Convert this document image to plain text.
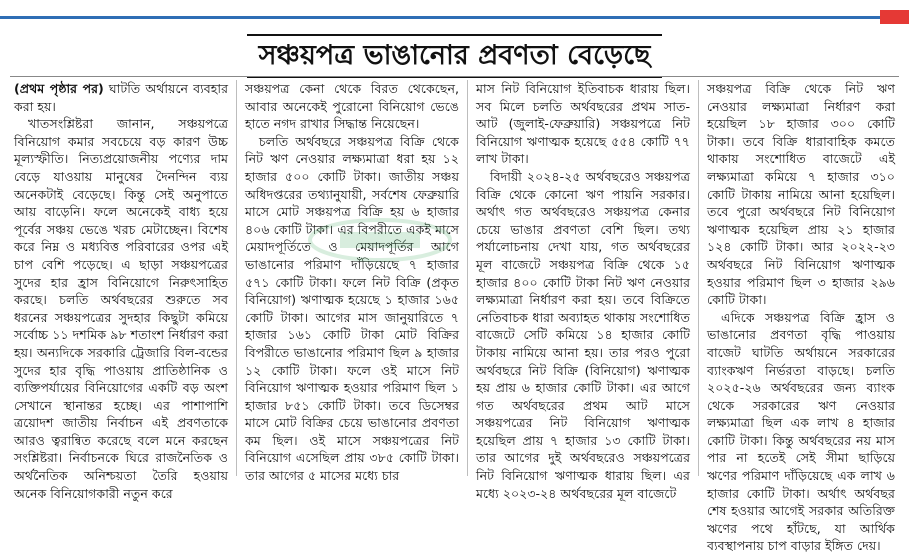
সঞ্চয়পত্র ভাঙানোর প্রবণতা বেড়েছে

(প্রথম পৃষ্ঠার পর) ঘাটতি অর্থায়নে ব্যবহার করা হয়।

খাতসংশ্লিষ্টরা জানান, সঞ্চয়পত্রে বিনিয়োগ কমার সবচেয়ে বড় কারণ উচ্চ মূল্যস্ফীতি। নিত্যপ্রয়োজনীয় পণ্যের দাম বেড়ে যাওয়ায় মানুষের দৈনন্দিন ব্যয় অনেকটাই বেড়েছে। কিন্তু সেই অনুপাতে আয় বাড়েনি। ফলে অনেকেই বাধ্য হয়ে পূর্বের সঞ্চয় ভেঙে খরচ মেটাচ্ছেন। বিশেষ করে নিম্ন ও মধ্যবিত্ত পরিবারের ওপর এই চাপ বেশি পড়েছে। এ ছাড়া সঞ্চয়পত্রের সুদের হার হ্রাস বিনিয়োগে নিরুৎসাহিত করছে। চলতি অর্থবছরের শুরুতে সব ধরনের সঞ্চয়পত্রের সুদহার কিছুটা কমিয়ে সর্বোচ্চ ১১ দশমিক ৯৮ শতাংশ নির্ধারণ করা হয়। অন্যদিকে সরকারি ট্রেজারি বিল-বন্ডের সুদের হার বৃদ্ধি পাওয়ায় প্রাতিষ্ঠানিক ও ব্যক্তিপর্যায়ের বিনিয়োগের একটি বড় অংশ সেখানে স্থানান্তর হচ্ছে। এর পাশাপাশি ত্রয়োদশ জাতীয় নির্বাচন এই প্রবণতাকে আরও ত্বরান্বিত করেছে বলে মনে করছেন সংশ্লিষ্টরা। নির্বাচনকে ঘিরে রাজনৈতিক ও অর্থনৈতিক অনিশ্চয়তা তৈরি হওয়ায় অনেক বিনিয়োগকারী নতুন করে

সঞ্চয়পত্র কেনা থেকে বিরত থেকেছেন, আবার অনেকেই পুরোনো বিনিয়োগ ভেঙে হাতে নগদ রাখার সিদ্ধান্ত নিয়েছেন।

চলতি অর্থবছরে সঞ্চয়পত্র বিক্রি থেকে নিট ঋণ নেওয়ার লক্ষ্যমাত্রা ধরা হয় ১২ হাজার ৫০০ কোটি টাকা। জাতীয় সঞ্চয় অধিদপ্তরের তথ্যানুযায়ী, সর্বশেষ ফেব্রুয়ারি মাসে মোট সঞ্চয়পত্র বিক্রি হয় ৬ হাজার ৪০৬ কোটি টাকা। এর বিপরীতে একই মাসে মেয়াদপূর্তিতে ও মেয়াদপূর্তির আগে ভাঙানোর পরিমাণ দাঁড়িয়েছে ৭ হাজার ৫৭১ কোটি টাকা। ফলে নিট বিক্রি (প্রকৃত বিনিয়োগ) ঋণাত্মক হয়েছে ১ হাজার ১৬৫ কোটি টাকা। আগের মাস জানুয়ারিতে ৭ হাজার ১৬১ কোটি টাকা মোট বিক্রির বিপরীতে ভাঙানোর পরিমাণ ছিল ৯ হাজার ১২ কোটি টাকা। ফলে ওই মাসে নিট বিনিয়োগ ঋণাত্মক হওয়ার পরিমাণ ছিল ১ হাজার ৮৫১ কোটি টাকা। তবে ডিসেম্বর মাসে মোট বিক্রির চেয়ে ভাঙানোর প্রবণতা কম ছিল। ওই মাসে সঞ্চয়পত্রের নিট বিনিয়োগ এসেছিল প্রায় ৩৮৫ কোটি টাকা। তার আগের ৫ মাসের মধ্যে চার

মাস নিট বিনিয়োগ ইতিবাচক ধারায় ছিল। সব মিলে চলতি অর্থবছরের প্রথম সাত-আট (জুলাই-ফেব্রুয়ারি) সঞ্চয়পত্রে নিট বিনিয়োগ ঋণাত্মক হয়েছে ৫৫৪ কোটি ৭৭ লাখ টাকা।

বিদায়ী ২০২৪-২৫ অর্থবছরেও সঞ্চয়পত্র বিক্রি থেকে কোনো ঋণ পায়নি সরকার। অর্থাৎ গত অর্থবছরেও সঞ্চয়পত্র কেনার চেয়ে ভাঙার প্রবণতা বেশি ছিল। তথ্য পর্যালোচনায় দেখা যায়, গত অর্থবছরের মূল বাজেটে সঞ্চয়পত্র বিক্রি থেকে ১৫ হাজার ৪০০ কোটি টাকা নিট ঋণ নেওয়ার লক্ষ্যমাত্রা নির্ধারণ করা হয়। তবে বিক্রিতে নেতিবাচক ধারা অব্যাহত থাকায় সংশোধিত বাজেটে সেটি কমিয়ে ১৪ হাজার কোটি টাকায় নামিয়ে আনা হয়। তার পরও পুরো অর্থবছরে নিট বিক্রি (বিনিয়োগ) ঋণাত্মক হয় প্রায় ৬ হাজার কোটি টাকা। এর আগে গত অর্থবছরের প্রথম আট মাসে সঞ্চয়পত্রের নিট বিনিয়োগ ঋণাত্মক হয়েছিল প্রায় ৭ হাজার ১৩ কোটি টাকা। তার আগের দুই অর্থবছরেও সঞ্চয়পত্রের নিট বিনিয়োগ ঋণাত্মক ধারায় ছিল। এর মধ্যে ২০২৩-২৪ অর্থবছরের মূল বাজেটে

সঞ্চয়পত্র বিক্রি থেকে নিট ঋণ নেওয়ার লক্ষ্যমাত্রা নির্ধারণ করা হয়েছিল ১৮ হাজার ৩০০ কোটি টাকা। তবে বিক্রি ধারাবাহিক কমতে থাকায় সংশোধিত বাজেটে এই লক্ষ্যমাত্রা কমিয়ে ৭ হাজার ৩১০ কোটি টাকায় নামিয়ে আনা হয়েছিল। তবে পুরো অর্থবছরে নিট বিনিয়োগ ঋণাত্মক হয়েছিল প্রায় ২১ হাজার ১২৪ কোটি টাকা। আর ২০২২-২৩ অর্থবছরে নিট বিনিয়োগ ঋণাত্মক হওয়ার পরিমাণ ছিল ৩ হাজার ২৯৬ কোটি টাকা।

এদিকে সঞ্চয়পত্র বিক্রি হ্রাস ও ভাঙানোর প্রবণতা বৃদ্ধি পাওয়ায় বাজেট ঘাটতি অর্থায়নে সরকারের ব্যাংকঋণ নির্ভরতা বাড়ছে। চলতি ২০২৫-২৬ অর্থবছরের জন্য ব্যাংক থেকে সরকারের ঋণ নেওয়ার লক্ষ্যমাত্রা ছিল এক লাখ ৪ হাজার কোটি টাকা। কিন্তু অর্থবছরের নয় মাস পার না হতেই সেই সীমা ছাড়িয়ে ঋণের পরিমাণ দাঁড়িয়েছে এক লাখ ৬ হাজার কোটি টাকা। অর্থাৎ অর্থবছর শেষ হওয়ার আগেই সরকার অতিরিক্ত ঋণের পথে হাঁটছে, যা আর্থিক ব্যবস্থাপনায় চাপ বাড়ার ইঙ্গিত দেয়।
